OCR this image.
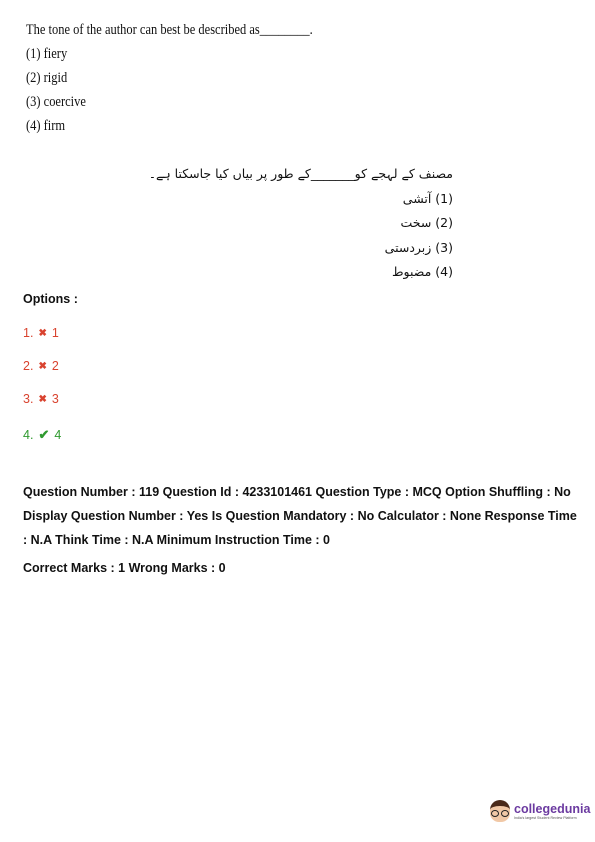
The tone of the author can best be described as________.
(1) fiery
(2) rigid
(3) coercive
(4) firm
مصنف کے لہجے کو_______کے طور پر بیاں کیا جاسکتا ہے۔
(1) آتشی
(2) سخت
(3) زبردستی
(4) مضبوط
Options :
1. ✖ 1
2. ✖ 2
3. ✖ 3
4. ✔ 4
Question Number : 119 Question Id : 4233101461 Question Type : MCQ Option Shuffling : No Display Question Number : Yes Is Question Mandatory : No Calculator : None Response Time : N.A Think Time : N.A Minimum Instruction Time : 0
Correct Marks : 1 Wrong Marks : 0
collegedunia
India's largest Student Review Platform
